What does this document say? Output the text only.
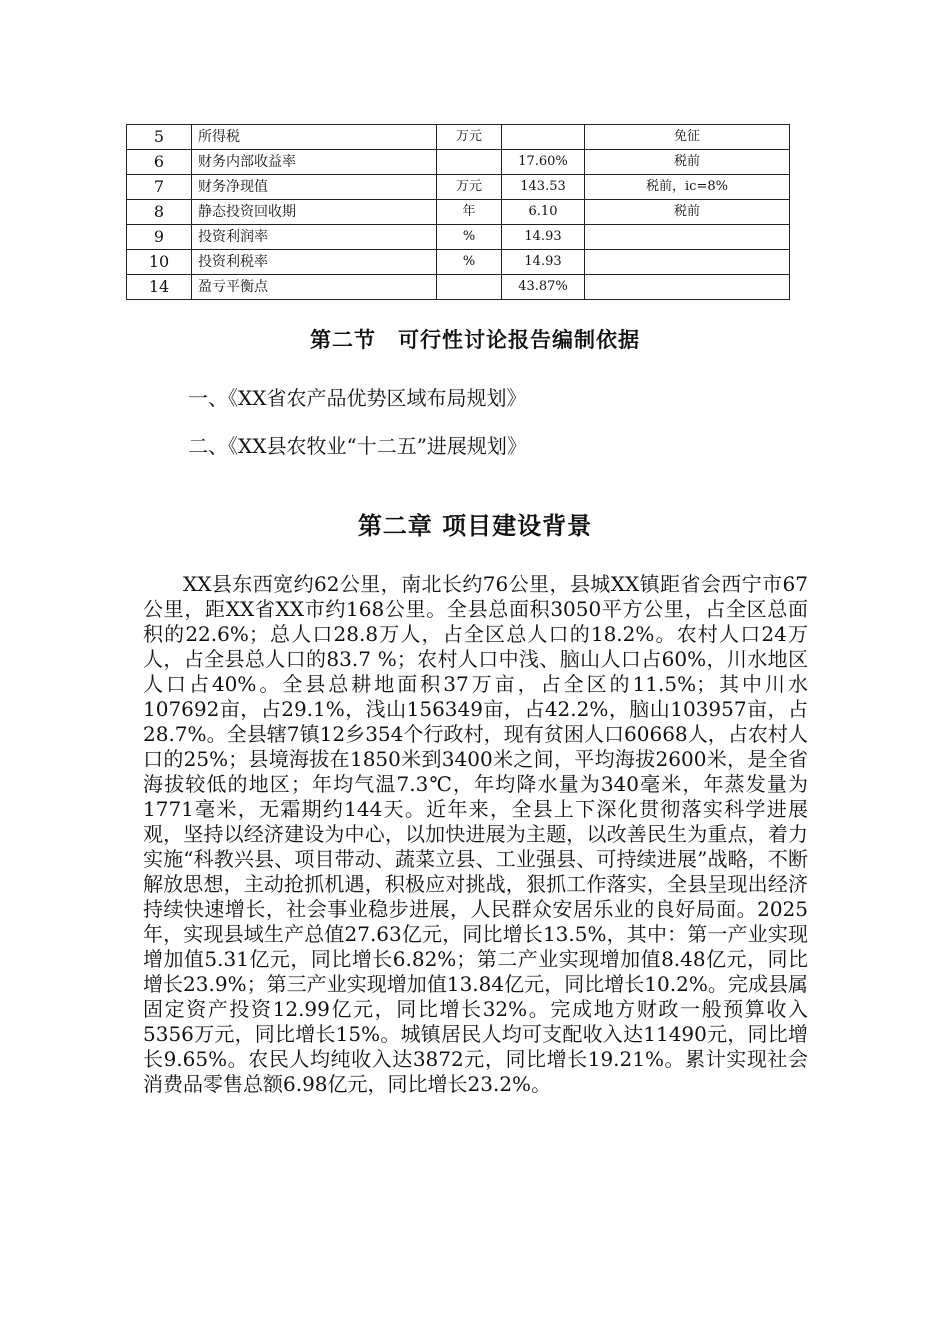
5	所得税	万元		免征
6	财务内部收益率		17.60%	税前
7	财务净现值	万元	143.53	税前，ic=8%
8	静态投资回收期	年	6.10	税前
9	投资利润率	%	14.93	
10	投资利税率	%	14.93	
14	盈亏平衡点		43.87%	
第二节　可行性讨论报告编制依据
一、《XX省农产品优势区域布局规划》
二、《XX县农牧业“十二五”进展规划》
第二章 项目建设背景

XX县东西宽约62公里，南北长约76公里，县城XX镇距省会西宁市67公里，距XX省XX市约168公里。全县总面积3050平方公里，占全区总面积的22.6%；总人口28.8万人，占全区总人口的18.2%。农村人口24万人，占全县总人口的83.7 %；农村人口中浅、脑山人口占60%，川水地区人口占40%。全县总耕地面积37万亩，占全区的11.5%；其中川水107692亩，占29.1%，浅山156349亩，占42.2%，脑山103957亩，占28.7%。全县辖7镇12乡354个行政村，现有贫困人口60668人，占农村人口的25%；县境海拔在1850米到3400米之间，平均海拔2600米，是全省海拔较低的地区；年均气温7.3℃，年均降水量为340毫米，年蒸发量为1771毫米，无霜期约144天。近年来，全县上下深化贯彻落实科学进展观，坚持以经济建设为中心，以加快进展为主题，以改善民生为重点，着力实施“科教兴县、项目带动、蔬菜立县、工业强县、可持续进展”战略，不断解放思想，主动抢抓机遇，积极应对挑战，狠抓工作落实，全县呈现出经济持续快速增长，社会事业稳步进展，人民群众安居乐业的良好局面。2025年，实现县域生产总值27.63亿元，同比增长13.5%，其中：第一产业实现增加值5.31亿元，同比增长6.82%；第二产业实现增加值8.48亿元，同比增长23.9%；第三产业实现增加值13.84亿元，同比增长10.2%。完成县属固定资产投资12.99亿元，同比增长32%。完成地方财政一般预算收入5356万元，同比增长15%。城镇居民人均可支配收入达11490元，同比增长9.65%。农民人均纯收入达3872元，同比增长19.21%。累计实现社会消费品零售总额6.98亿元，同比增长23.2%。
